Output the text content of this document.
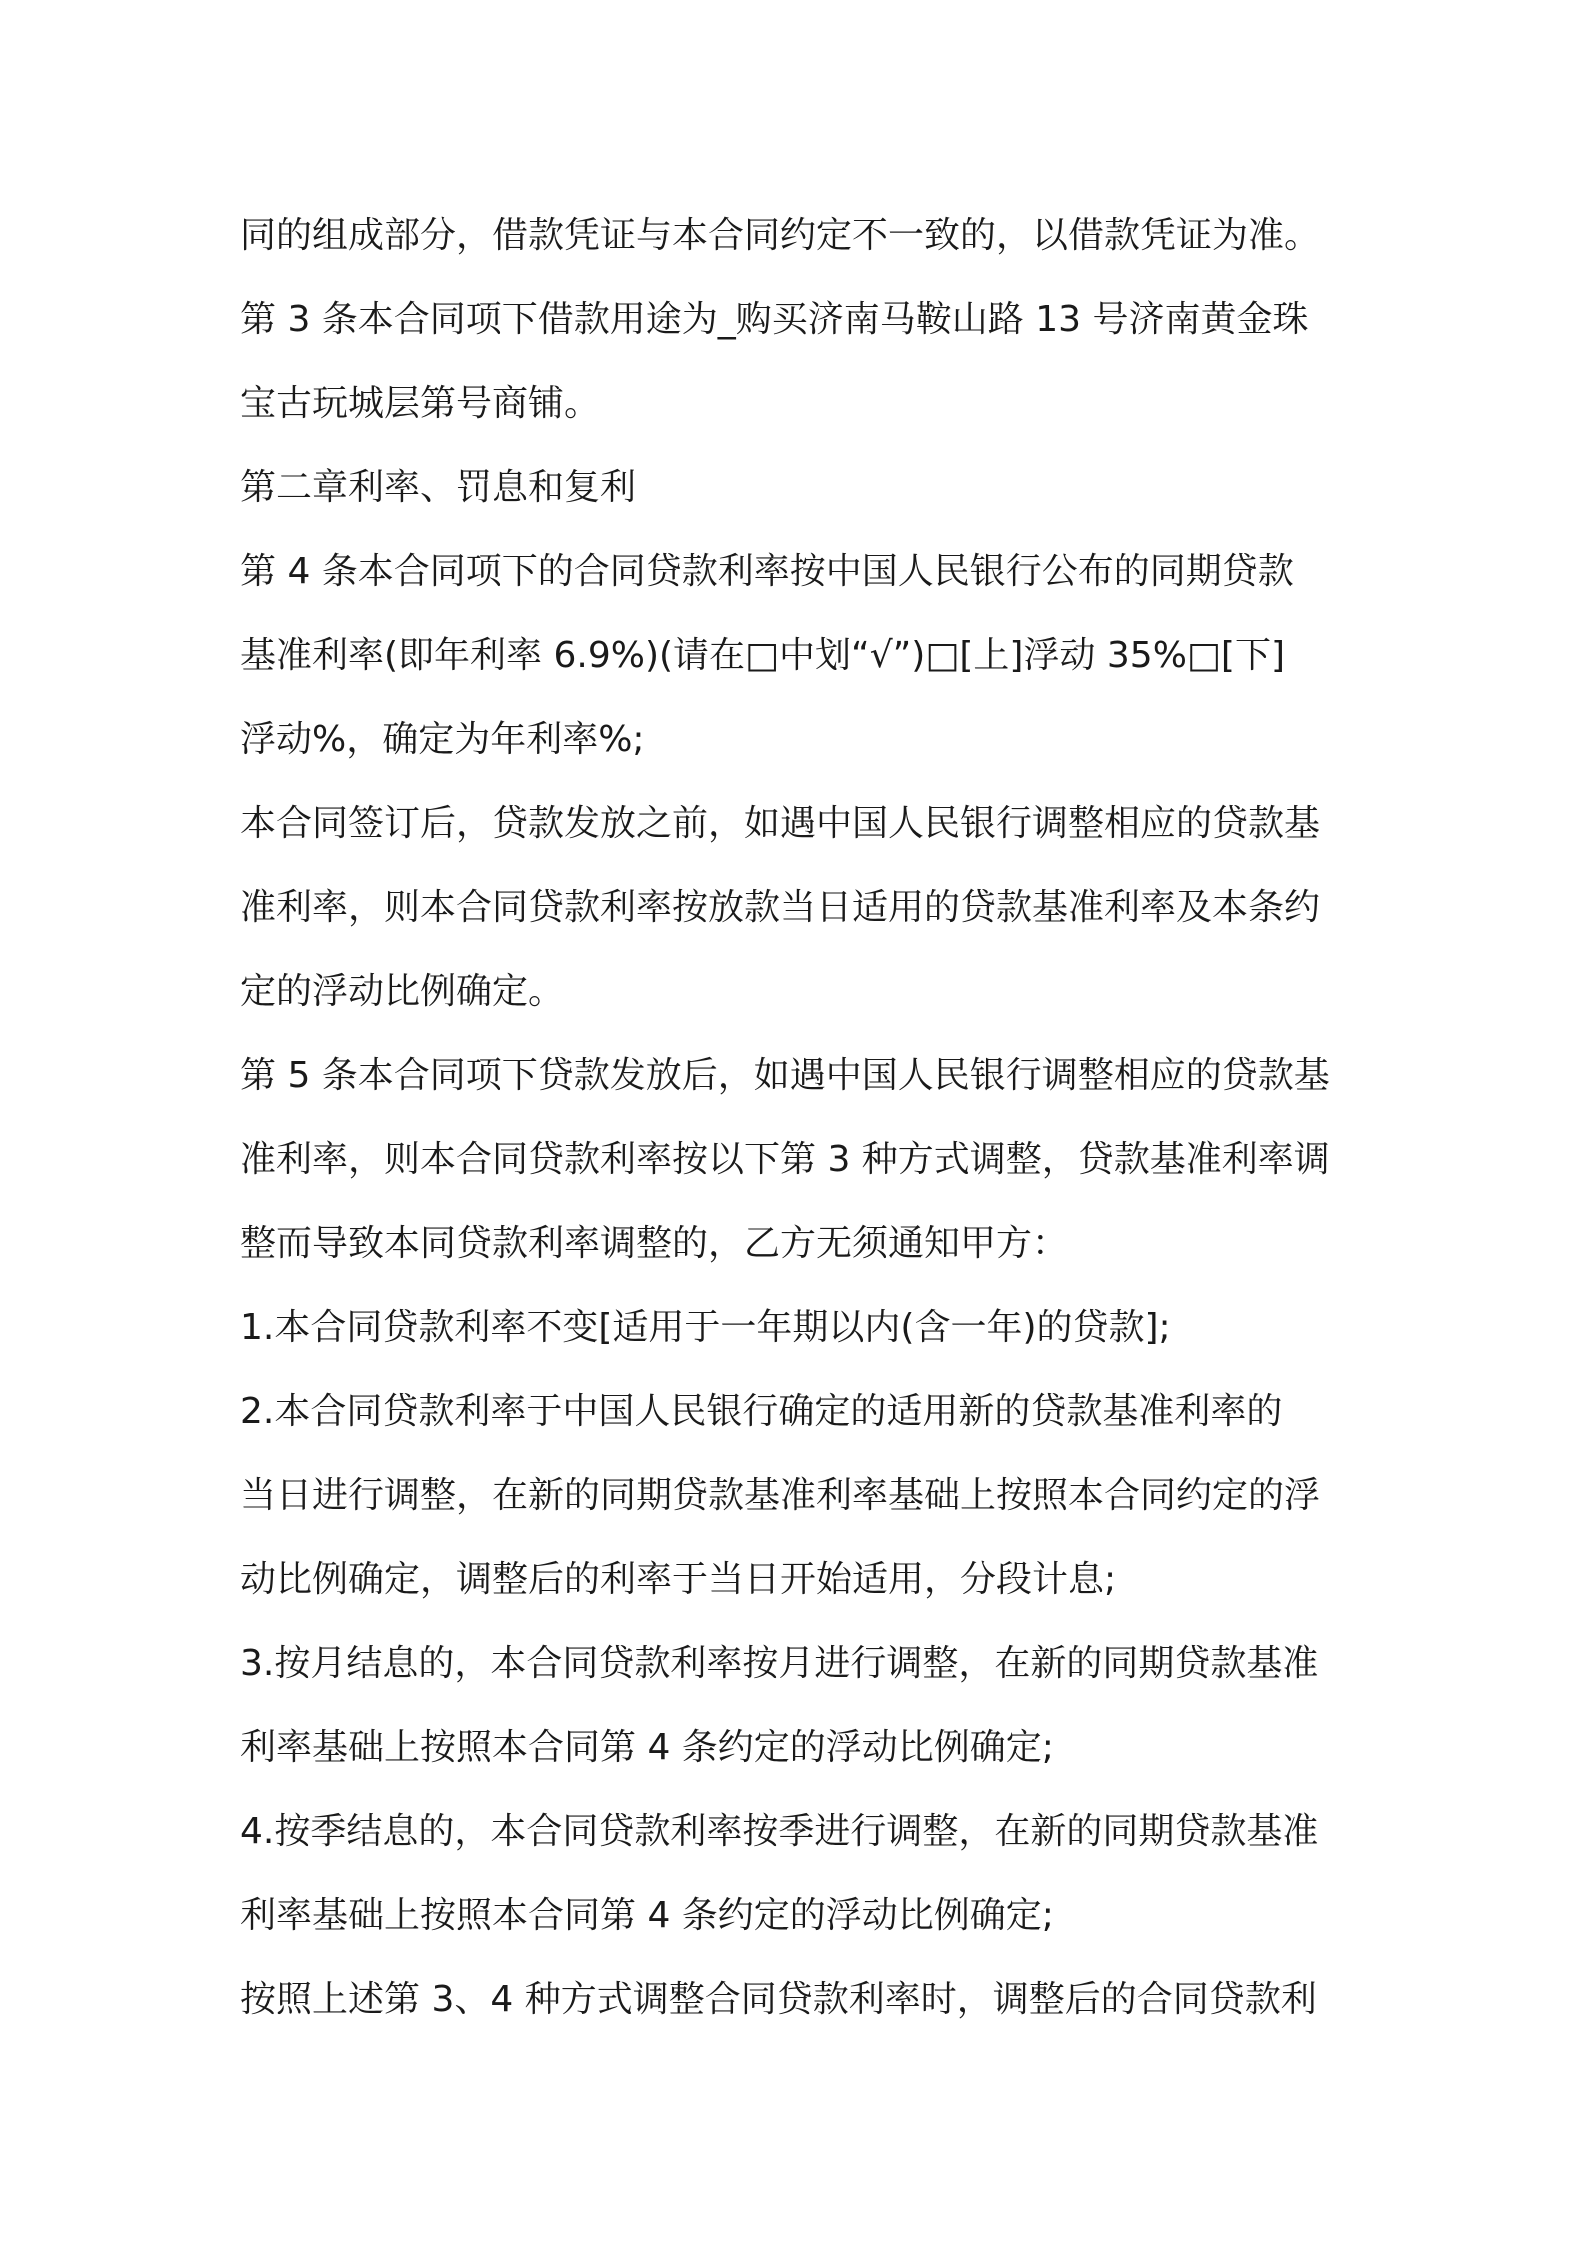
同的组成部分，借款凭证与本合同约定不一致的，以借款凭证为准。
第 3 条本合同项下借款用途为_购买济南马鞍山路 13 号济南黄金珠
宝古玩城层第号商铺。
第二章利率、罚息和复利
第 4 条本合同项下的合同贷款利率按中国人民银行公布的同期贷款
基准利率(即年利率 6.9%)(请在□中划“√”)□[上]浮动 35%□[下]
浮动%，确定为年利率%;
本合同签订后，贷款发放之前，如遇中国人民银行调整相应的贷款基
准利率，则本合同贷款利率按放款当日适用的贷款基准利率及本条约
定的浮动比例确定。
第 5 条本合同项下贷款发放后，如遇中国人民银行调整相应的贷款基
准利率，则本合同贷款利率按以下第 3 种方式调整，贷款基准利率调
整而导致本同贷款利率调整的，乙方无须通知甲方：
1.本合同贷款利率不变[适用于一年期以内(含一年)的贷款];
2.本合同贷款利率于中国人民银行确定的适用新的贷款基准利率的
当日进行调整，在新的同期贷款基准利率基础上按照本合同约定的浮
动比例确定，调整后的利率于当日开始适用，分段计息;
3.按月结息的，本合同贷款利率按月进行调整，在新的同期贷款基准
利率基础上按照本合同第 4 条约定的浮动比例确定;
4.按季结息的，本合同贷款利率按季进行调整，在新的同期贷款基准
利率基础上按照本合同第 4 条约定的浮动比例确定;
按照上述第 3、4 种方式调整合同贷款利率时，调整后的合同贷款利
